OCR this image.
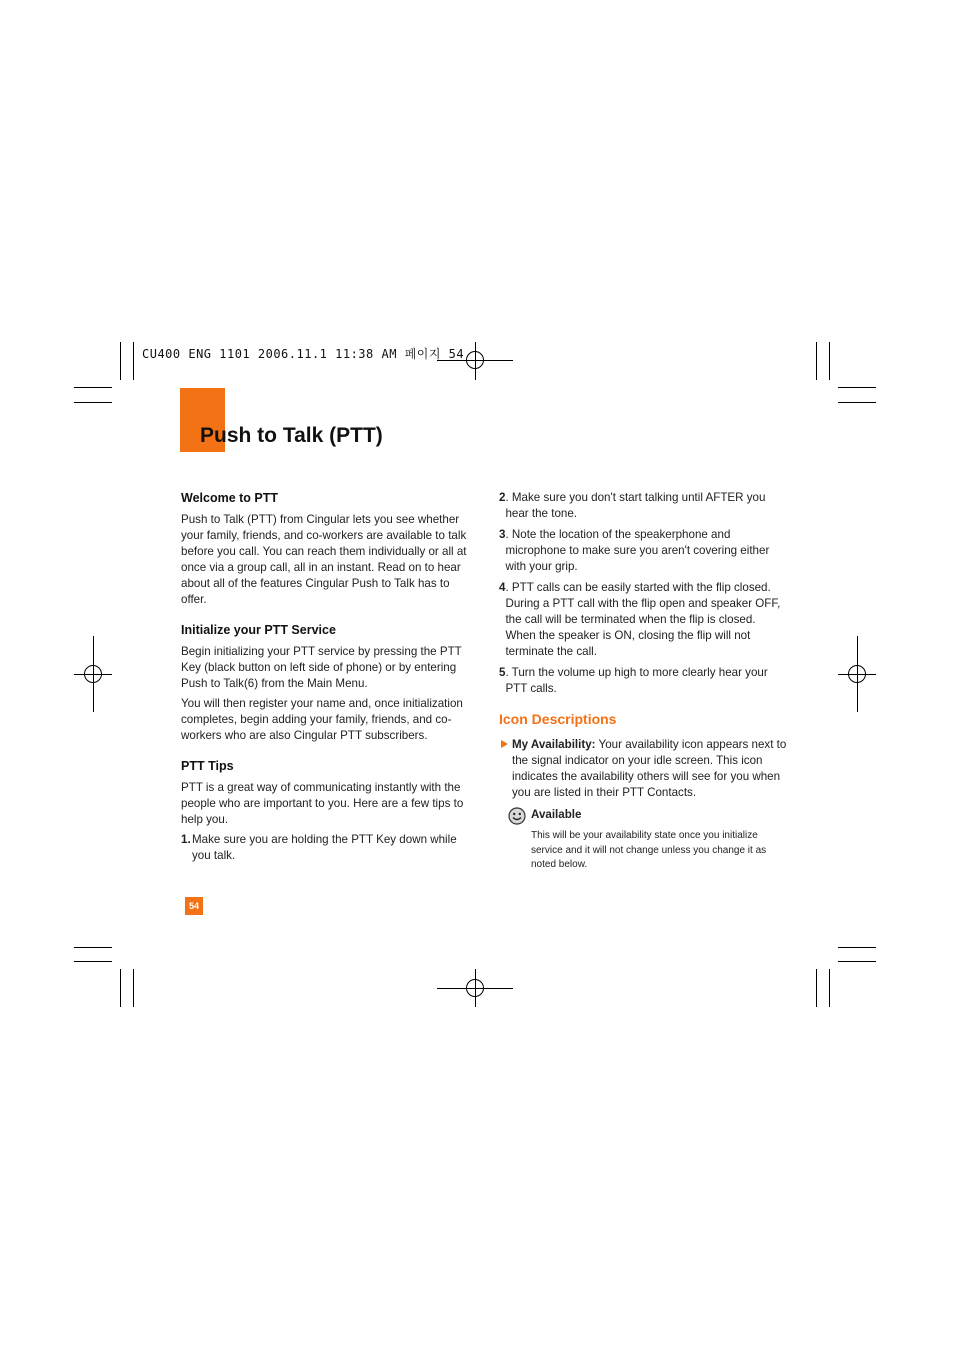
CU400 ENG 1101 2006.11.1 11:38 AM 페이지 54
Push to Talk (PTT)
Welcome to PTT

Push to Talk (PTT) from Cingular lets you see whether your family, friends, and co-workers are available to talk before you call. You can reach them individually or all at once via a group call, all in an instant. Read on to hear about all of the features Cingular Push to Talk has to offer.

Initialize your PTT Service

Begin initializing your PTT service by pressing the PTT Key (black button on left side of phone) or by entering Push to Talk(6) from the Main Menu.

You will then register your name and, once initialization completes, begin adding your family, friends, and co-workers who are also Cingular PTT subscribers.

PTT Tips

PTT is a great way of communicating instantly with the people who are important to you. Here are a few tips to help you.

1. Make sure you are holding the PTT Key down while you talk.
2 . Make sure you don't start talking until AFTER you hear the tone.
3 . Note the location of the speakerphone and microphone to make sure you aren't covering either with your grip.
4 . PTT calls can be easily started with the flip closed. During a PTT call with the flip open and speaker OFF, the call will be terminated when the flip is closed. When the speaker is ON, closing the flip will not terminate the call.
5 . Turn the volume up high to more clearly hear your PTT calls.
Icon Descriptions
My Availability: Your availability icon appears next to the signal indicator on your idle screen. This icon indicates the availability others will see for you when you are listed in their PTT Contacts.
Available
This will be your availability state once you initialize service and it will not change unless you change it as noted below.
54
